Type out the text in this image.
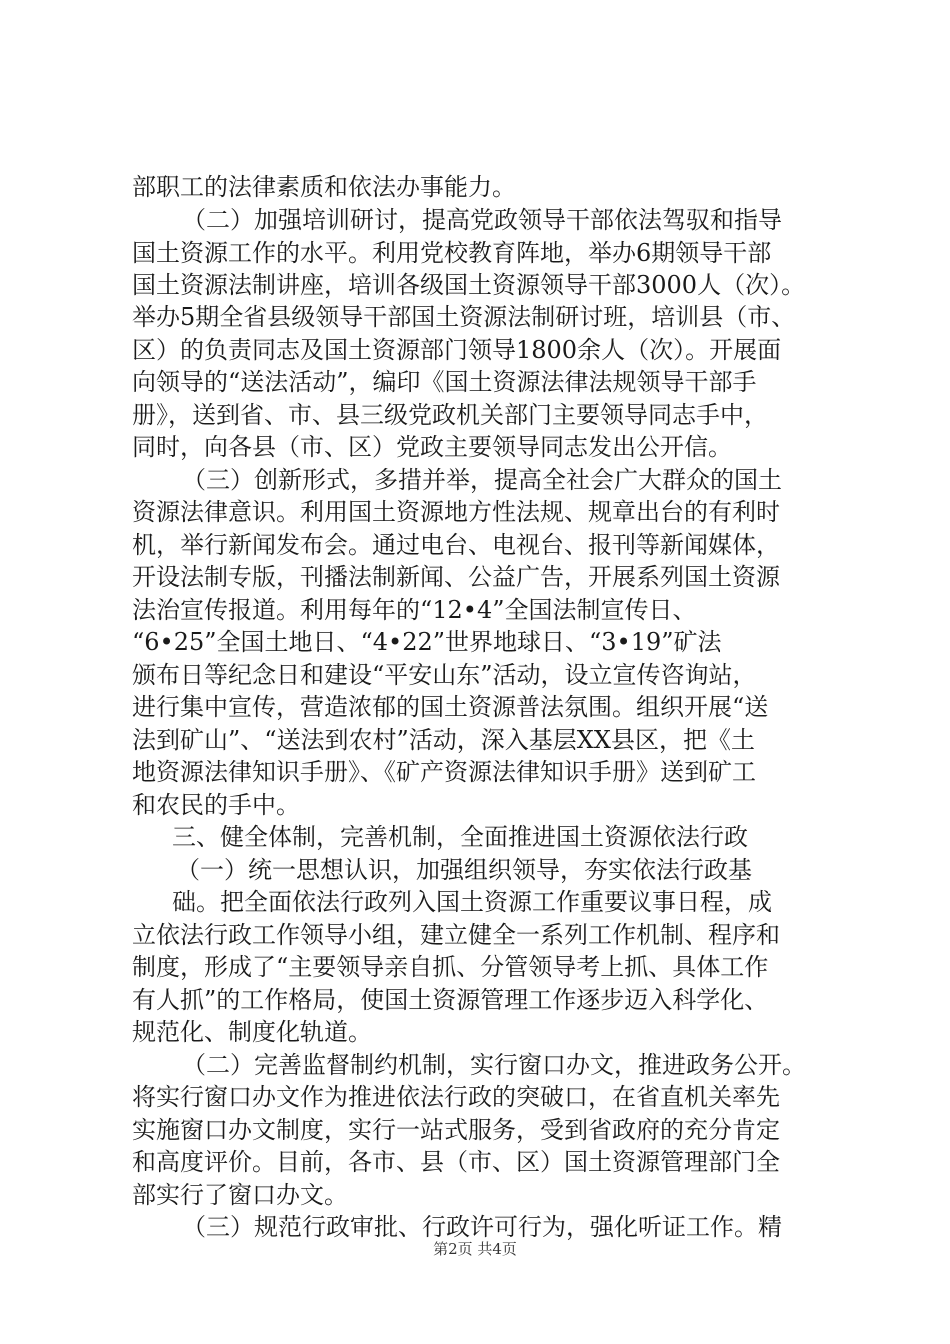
部职工的法律素质和依法办事能力。
（二）加强培训研讨，提高党政领导干部依法驾驭和指导
国土资源工作的水平。利用党校教育阵地，举办6期领导干部
国土资源法制讲座，培训各级国土资源领导干部3000人（次）。
举办5期全省县级领导干部国土资源法制研讨班，培训县（市、
区）的负责同志及国土资源部门领导1800余人（次）。开展面
向领导的“送法活动”，编印《国土资源法律法规领导干部手
册》，送到省、市、县三级党政机关部门主要领导同志手中，
同时，向各县（市、区）党政主要领导同志发出公开信。
（三）创新形式，多措并举，提高全社会广大群众的国土
资源法律意识。利用国土资源地方性法规、规章出台的有利时
机，举行新闻发布会。通过电台、电视台、报刊等新闻媒体，
开设法制专版，刊播法制新闻、公益广告，开展系列国土资源
法治宣传报道。利用每年的“12•4”全国法制宣传日、
“6•25”全国土地日、“4•22”世界地球日、“3•19”矿法
颁布日等纪念日和建设“平安山东”活动，设立宣传咨询站，
进行集中宣传，营造浓郁的国土资源普法氛围。组织开展“送
法到矿山”、“送法到农村”活动，深入基层XX县区，把《土
地资源法律知识手册》、《矿产资源法律知识手册》送到矿工
和农民的手中。
三、健全体制，完善机制，全面推进国土资源依法行政
（一）统一思想认识，加强组织领导，夯实依法行政基
础。把全面依法行政列入国土资源工作重要议事日程，成
立依法行政工作领导小组，建立健全一系列工作机制、程序和
制度，形成了“主要领导亲自抓、分管领导考上抓、具体工作
有人抓”的工作格局，使国土资源管理工作逐步迈入科学化、
规范化、制度化轨道。
（二）完善监督制约机制，实行窗口办文，推进政务公开。
将实行窗口办文作为推进依法行政的突破口，在省直机关率先
实施窗口办文制度，实行一站式服务，受到省政府的充分肯定
和高度评价。目前，各市、县（市、区）国土资源管理部门全
部实行了窗口办文。
（三）规范行政审批、行政许可行为，强化听证工作。精
第2页 共4页
